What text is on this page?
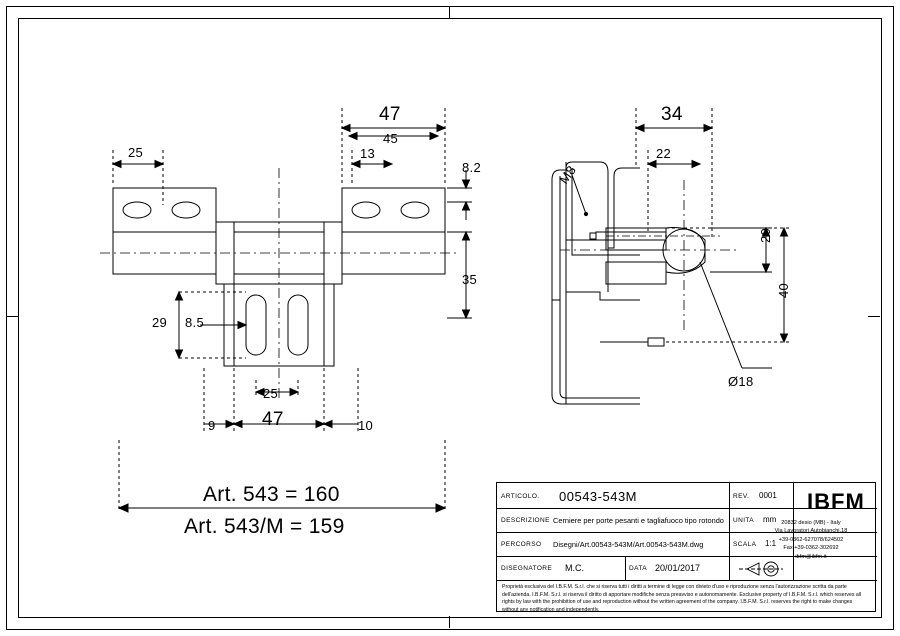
25
47
45
13
8.2
35
29 8.5
25
47
9	10
34
22
20
40
M8
Ø18
Art. 543 = 160
Art. 543/M = 159
ARTICOLO. 00543-543M	REV. 0001
DESCRIZIONE Cerniere per porte pesanti e tagliafuoco tipo rotondo UNITA mm
PERCORSO Disegni/Art.00543-543M/Art.00543-543M.dwg	SCALA 1:1
DISEGNATORE M.C.	DATA 20/01/2017
IBFM
20832 desio (MB) - Italy
Via Lavoratori Autobianchi,18
+39-0362-627078/624502
Fax +39-0362-302692
ibfm@ibfm.it
Proprietà esclusiva del I.B.F.M. S.r.l. che si riserva tutti i diritti a termine di legge con divieto d'uso e riproduzione senza l'autorizzazione scritta da parte dell'azienda. I.B.F.M. S.r.l. si riserva il diritto di apportare modifiche senza preavviso e autonomamente. Exclusive property of I.B.F.M. S.r.l. which reserves all rights by law with the prohibition of use and reproduction without the written agreement of the company. I.B.F.M. S.r.l. reserves the right to make changes without any notification and independently.
